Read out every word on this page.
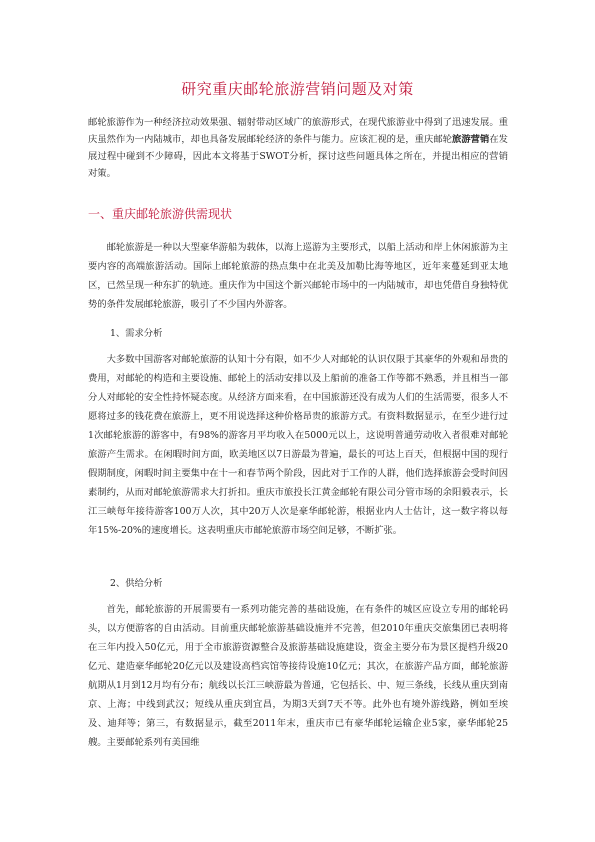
研究重庆邮轮旅游营销问题及对策
邮轮旅游作为一种经济拉动效果强、辐射带动区域广的旅游形式，在现代旅游业中得到了迅速发展。重庆虽然作为一内陆城市，却也具备发展邮轮经济的条件与能力。应该汇视的是，重庆邮轮旅游营销在发展过程中碰到不少障碍，因此本文将基于SWOT分析，探讨这些问题具体之所在，并提出相应的营销对策。
一、重庆邮轮旅游供需现状
邮轮旅游是一种以大型豪华游船为载体，以海上巡游为主要形式，以船上活动和岸上休闲旅游为主要内容的高端旅游活动。国际上邮轮旅游的热点集中在北美及加勒比海等地区，近年来蔓延到亚太地区，已然呈现一种东扩的轨迹。重庆作为中国这个新兴邮轮市场中的一内陆城市，却也凭借自身独特优势的条件发展邮轮旅游，吸引了不少国内外游客。
1、需求分析
大多数中国游客对邮轮旅游的认知十分有限，如不少人对邮轮的认识仅限于其豪华的外观和昂贵的费用，对邮轮的构造和主要设施、邮轮上的活动安排以及上船前的准备工作等都不熟悉，并且相当一部分人对邮轮的安全性持怀疑态度。从经济方面来看，在中国旅游还没有成为人们的生活需要，很多人不愿将过多的钱花费在旅游上，更不用说选择这种价格昂贵的旅游方式。有资料数据显示，在至少进行过1次邮轮旅游的游客中，有98%的游客月平均收入在5000元以上，这说明普通劳动收入者很难对邮轮旅游产生需求。在闲暇时间方面，欧美地区以7日游最为普遍，最长的可达上百天，但根据中国的现行假期制度，闲暇时间主要集中在十一和春节两个阶段，因此对于工作的人群，他们选择旅游会受时间因素制约，从而对邮轮旅游需求大打折扣。重庆市旅投长江黄金邮轮有限公司分管市场的余阳毅表示，长江三峡每年接待游客100万人次，其中20万人次是豪华邮轮游，根据业内人士估计，这一数字将以每年15%-20%的速度增长。这表明重庆市邮轮旅游市场空间足够，不断扩张。
2、供给分析
首先，邮轮旅游的开展需要有一系列功能完善的基础设施，在有条件的城区应设立专用的邮轮码头，以方便游客的自由活动。目前重庆邮轮旅游基础设施并不完善，但2010年重庆交旅集团已表明将在三年内投入50亿元，用于全市旅游资源整合及旅游基础设施建设，资金主要分布为景区提档升级20亿元、建造豪华邮轮20亿元以及建设高档宾馆等接待设施10亿元；其次，在旅游产品方面，邮轮旅游航期从1月到12月均有分布；航线以长江三峡游最为普通，它包括长、中、短三条线，长线从重庆到南京、上海；中线到武汉；短线从重庆到宜昌，为期3天到7天不等。此外也有境外游线路，例如至埃及、迪拜等；第三，有数据显示，截至2011年末，重庆市已有豪华邮轮运输企业5家，豪华邮轮25艘。主要邮轮系列有美国维
